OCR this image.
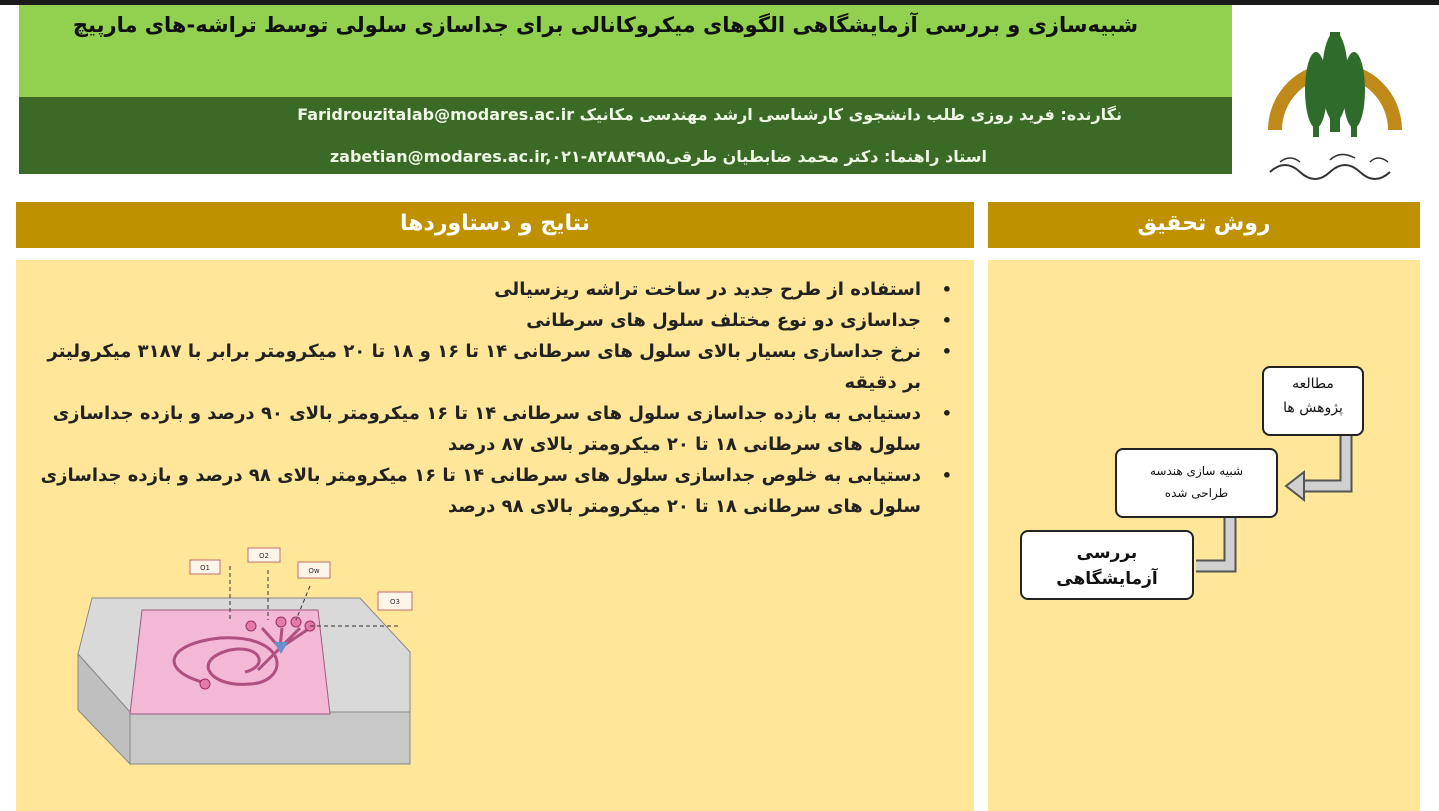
شبیه‌سازی و بررسی آزمایشگاهی الگوهای میکروکانالی برای جداسازی سلولی توسط تراشه‌-های مارپیچ
نگارنده: فرید روزی طلب دانشجوی کارشناسی ارشد مهندسی مکانیک Faridrouzitalab@modares.ac.ir
استاد راهنما: دکتر محمد ضابطیان طرقیzabetian@modares.ac.ir,۰۲۱-۸۲۸۸۴۹۸۵
نتایج و دستاوردها	روش تحقیق
• استفاده از طرح جدید در ساخت تراشه ریزسیالی
• جداسازی دو نوع مختلف سلول های سرطانی
• نرخ جداسازی بسیار بالای سلول های سرطانی ۱۴ تا ۱۶ و ۱۸ تا ۲۰ میکرومتر برابر با ۳۱۸۷ میکرولیتر بر دقیقه
• دستیابی به بازده جداسازی سلول های سرطانی ۱۴ تا ۱۶ میکرومتر بالای ۹۰ درصد و بازده جداسازی سلول های سرطانی ۱۸ تا ۲۰ میکرومتر بالای ۸۷ درصد
• دستیابی به خلوص جداسازی سلول های سرطانی ۱۴ تا ۱۶ میکرومتر بالای ۹۸ درصد و بازده جداسازی سلول های سرطانی ۱۸ تا ۲۰ میکرومتر بالای ۹۸ درصد
O1
O2
Ow
O3
مطالعه
پژوهش ها
شبیه سازی هندسه
طراحی شده
بررسی
آزمایشگاهی
